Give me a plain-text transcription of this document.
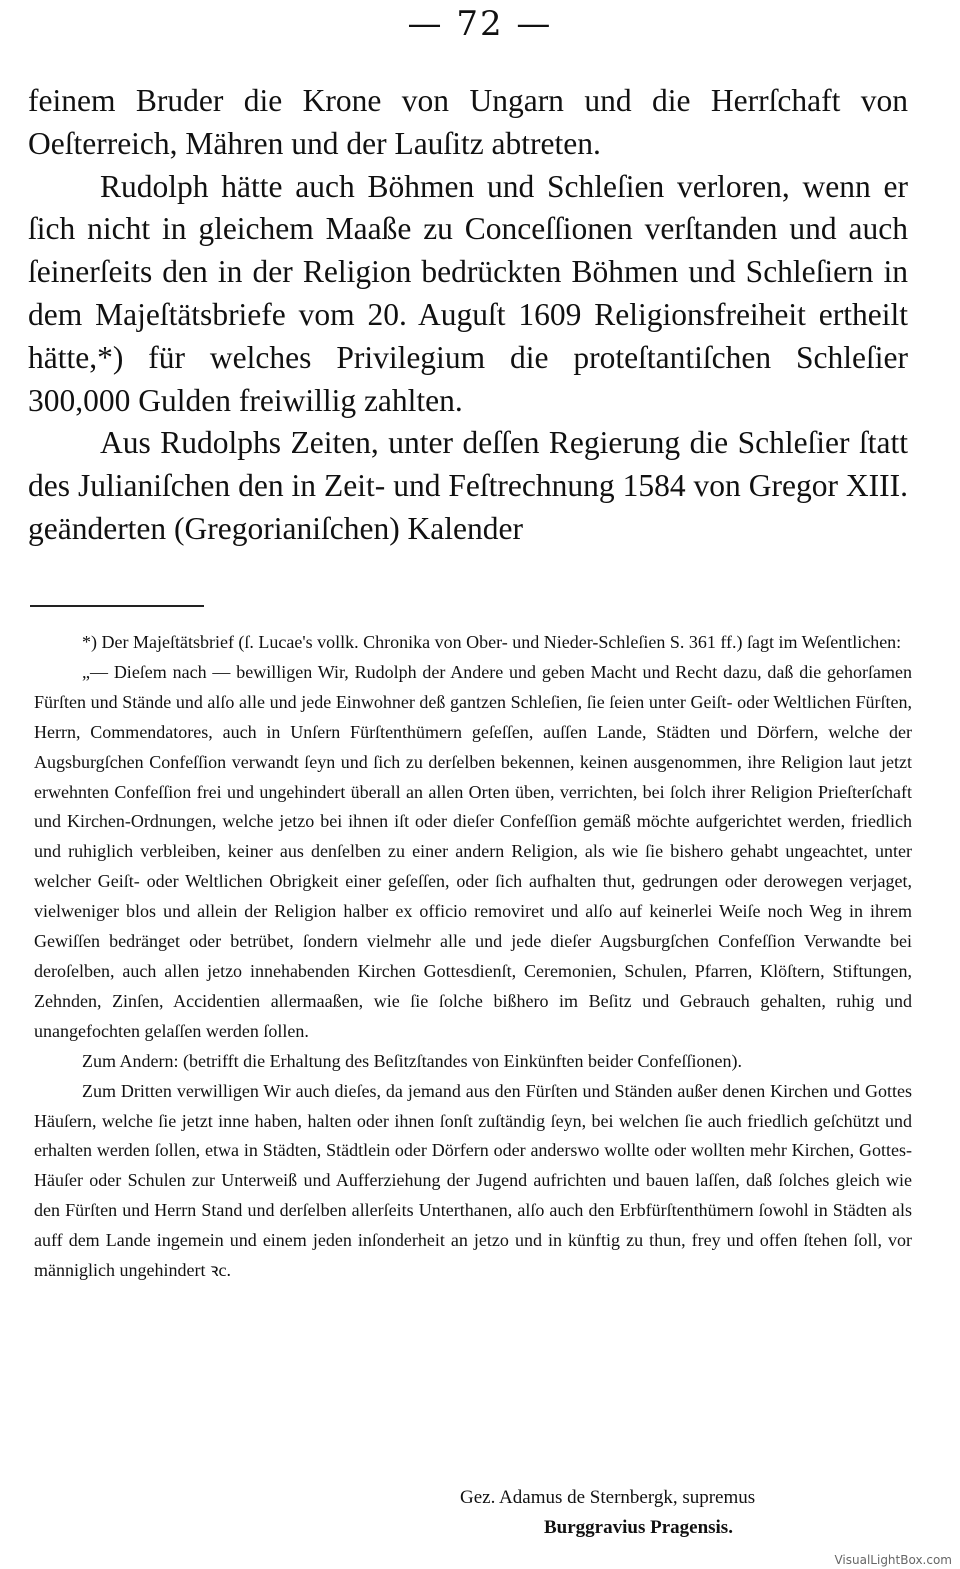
— 72 —

feinem Bruder die Krone von Ungarn und die Herrſchaft von Oeſterreich, Mähren und der Lauſitz abtreten.

Rudolph hätte auch Böhmen und Schleſien verloren, wenn er ſich nicht in gleichem Maaße zu Conceſſionen verſtanden und auch ſeinerſeits den in der Religion bedrückten Böhmen und Schleſiern in dem Majeſtätsbriefe vom 20. Auguſt 1609 Religionsfreiheit ertheilt hätte,*) für welches Privilegium die proteſtantiſchen Schleſier 300,000 Gulden freiwillig zahlten.

Aus Rudolphs Zeiten, unter deſſen Regierung die Schleſier ſtatt des Julianiſchen den in Zeit- und Feſtrechnung 1584 von Gregor XIII. geänderten (Gregorianiſchen) Kalender

*) Der Majeſtätsbrief (ſ. Lucae's vollk. Chronika von Ober- und Nieder-Schleſien S. 361 ff.) ſagt im Weſentlichen:

„— Dieſem nach — bewilligen Wir, Rudolph der Andere und geben Macht und Recht dazu, daß die gehorſamen Fürſten und Stände und alſo alle und jede Einwohner deß gantzen Schleſien, ſie ſeien unter Geiſt- oder Weltlichen Fürſten, Herrn, Commendatores, auch in Unſern Fürſtenthümern geſeſſen, auſſen Lande, Städten und Dörfern, welche der Augsburgſchen Confeſſion verwandt ſeyn und ſich zu derſelben bekennen, keinen ausgenommen, ihre Religion laut jetzt erwehnten Confeſſion frei und ungehindert überall an allen Orten üben, verrichten, bei ſolch ihrer Religion Prieſterſchaft und Kirchen-Ordnungen, welche jetzo bei ihnen iſt oder dieſer Confeſſion gemäß möchte aufgerichtet werden, friedlich und ruhiglich verbleiben, keiner aus denſelben zu einer andern Religion, als wie ſie bishero gehabt ungeachtet, unter welcher Geiſt- oder Weltlichen Obrigkeit einer geſeſſen, oder ſich aufhalten thut, gedrungen oder derowegen verjaget, vielweniger blos und allein der Religion halber ex officio removiret und alſo auf keinerlei Weiſe noch Weg in ihrem Gewiſſen bedränget oder betrübet, ſondern vielmehr alle und jede dieſer Augsburgſchen Confeſſion Verwandte bei deroſelben, auch allen jetzo innehabenden Kirchen Gottesdienſt, Ceremonien, Schulen, Pfarren, Klöſtern, Stiftungen, Zehnden, Zinſen, Accidentien allermaaßen, wie ſie ſolche bißhero im Beſitz und Gebrauch gehalten, ruhig und unangefochten gelaſſen werden ſollen.

Zum Andern: (betrifft die Erhaltung des Beſitzſtandes von Einkünften beider Confeſſionen).

Zum Dritten verwilligen Wir auch dieſes, da jemand aus den Fürſten und Ständen außer denen Kirchen und Gottes Häuſern, welche ſie jetzt inne haben, halten oder ihnen ſonſt zuſtändig ſeyn, bei welchen ſie auch friedlich geſchützt und erhalten werden ſollen, etwa in Städten, Städtlein oder Dörfern oder anderswo wollte oder wollten mehr Kirchen, Gottes-Häuſer oder Schulen zur Unterweiß und Aufferziehung der Jugend aufrichten und bauen laſſen, daß ſolches gleich wie den Fürſten und Herrn Stand und derſelben allerſeits Unterthanen, alſo auch den Erbfürſtenthümern ſowohl in Städten als auff dem Lande ingemein und einem jeden inſonderheit an jetzo und in künftig zu thun, frey und offen ſtehen ſoll, vor männiglich ungehindert ꝛc.

Gez. Adamus de Sternbergk, supremus
Burggravius Pragensis.
VisualLightBox.com
